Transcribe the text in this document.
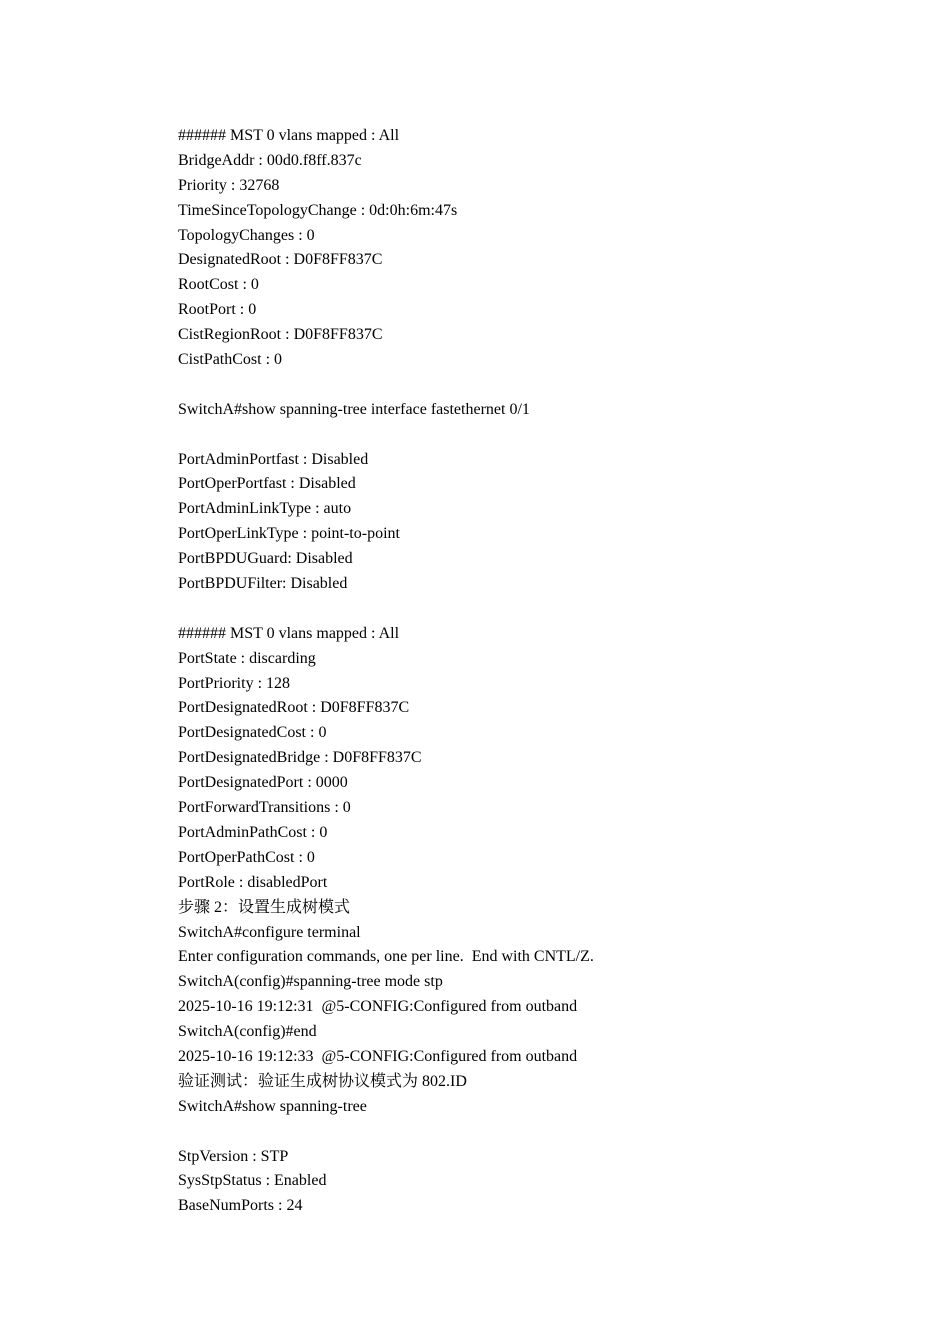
###### MST 0 vlans mapped : All
BridgeAddr : 00d0.f8ff.837c
Priority : 32768
TimeSinceTopologyChange : 0d:0h:6m:47s
TopologyChanges : 0
DesignatedRoot : D0F8FF837C
RootCost : 0
RootPort : 0
CistRegionRoot : D0F8FF837C
CistPathCost : 0
SwitchA#show spanning-tree interface fastethernet 0/1
PortAdminPortfast : Disabled
PortOperPortfast : Disabled
PortAdminLinkType : auto
PortOperLinkType : point-to-point
PortBPDUGuard: Disabled
PortBPDUFilter: Disabled
###### MST 0 vlans mapped : All
PortState : discarding
PortPriority : 128
PortDesignatedRoot : D0F8FF837C
PortDesignatedCost : 0
PortDesignatedBridge : D0F8FF837C
PortDesignatedPort : 0000
PortForwardTransitions : 0
PortAdminPathCost : 0
PortOperPathCost : 0
PortRole : disabledPort
步骤 2：设置生成树模式
SwitchA#configure terminal
Enter configuration commands, one per line.  End with CNTL/Z.
SwitchA(config)#spanning-tree mode stp
2025-10-16 19:12:31  @5-CONFIG:Configured from outband
SwitchA(config)#end
2025-10-16 19:12:33  @5-CONFIG:Configured from outband
验证测试：验证生成树协议模式为 802.ID
SwitchA#show spanning-tree
StpVersion : STP
SysStpStatus : Enabled
BaseNumPorts : 24
